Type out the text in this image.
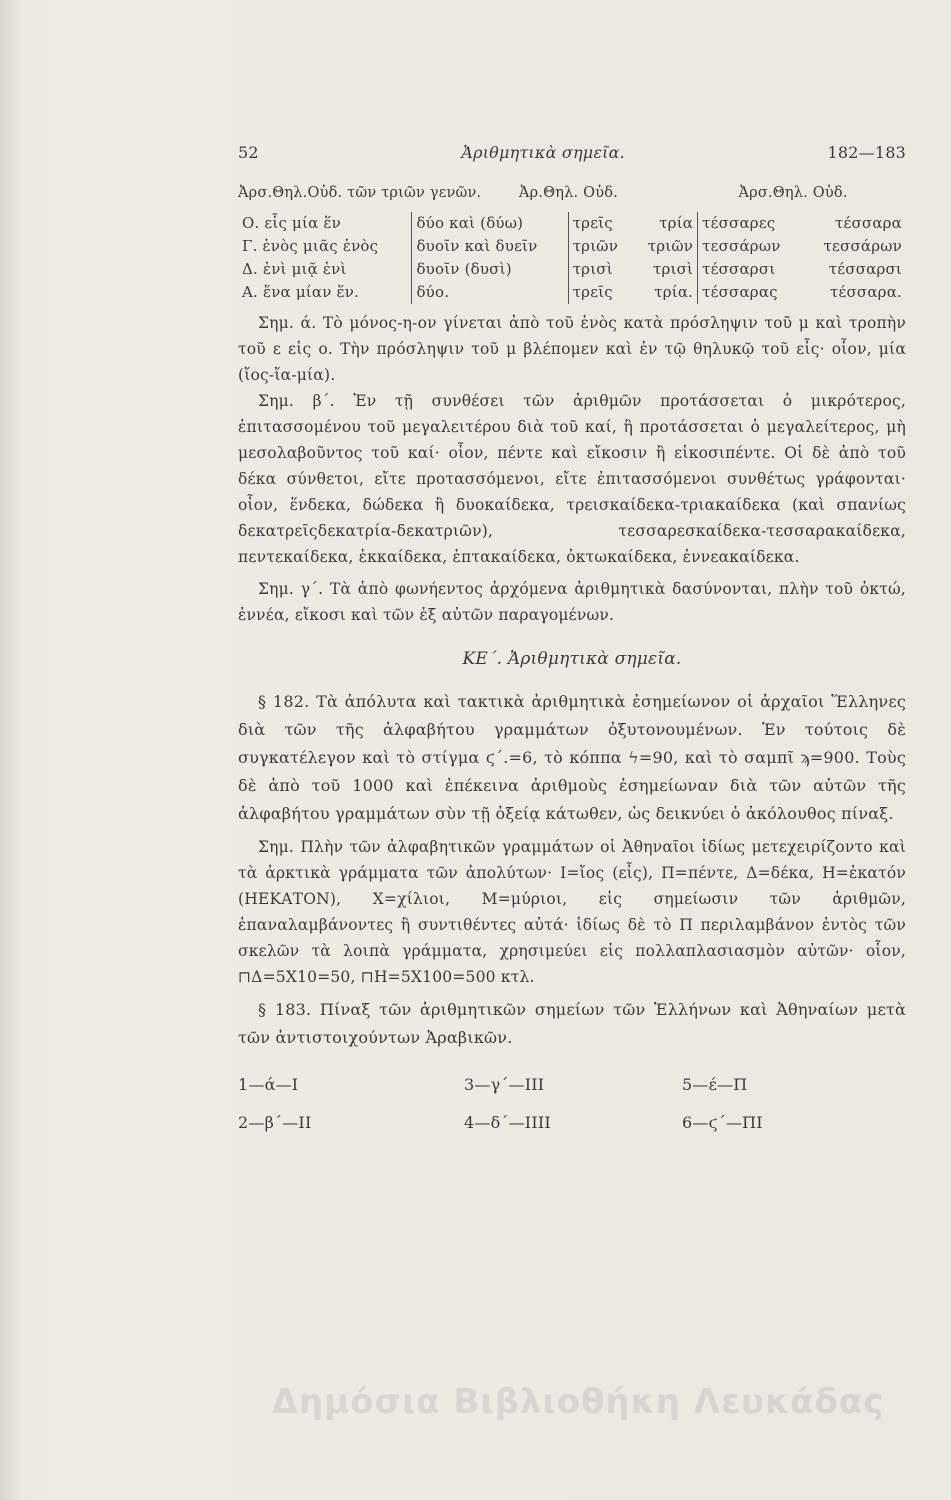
52	Ἀριθμητικὰ σημεῖα.	182—183
Ἀρσ.Θηλ.Οὐδ. τῶν τριῶν γενῶν.	Ἀρ.Θηλ. Οὐδ.	Ἀρσ.Θηλ. Οὐδ.
Ο. εἷς μία ἕν	δύο καὶ (δύω)	τρεῖς	τρία	τέσσαρες	τέσσαρα
Γ. ἑνὸς μιᾶς ἑνὸς	δυοῖν καὶ δυεῖν	τριῶν	τριῶν	τεσσάρων	τεσσάρων
Δ. ἑνὶ μιᾷ ἑνὶ	δυοῖν (δυσὶ)	τρισὶ	τρισὶ	τέσσαρσι	τέσσαρσι
Α. ἕνα μίαν ἕν.	δύο.	τρεῖς	τρία.	τέσσαρας	τέσσαρα.

Σημ. ά. Τὸ μόνος-η-ον γίνεται ἀπὸ τοῦ ἑνὸς κατὰ πρόσληψιν τοῦ μ καὶ τροπὴν τοῦ ε εἰς ο. Τὴν πρόσληψιν τοῦ μ βλέπομεν καὶ ἐν τῷ θηλυκῷ τοῦ εἷς· οἷον, μία (ἴος-ἴα-μία).

Σημ. β΄. Ἐν τῇ συνθέσει τῶν ἀριθμῶν προτάσσεται ὁ μικρότερος, ἐπιτασσομένου τοῦ μεγαλειτέρου διὰ τοῦ καί, ἢ προτάσσεται ὁ μεγαλείτερος, μὴ μεσολαβοῦντος τοῦ καί· οἷον, πέντε καὶ εἴκοσιν ἢ εἰκοσιπέντε. Οἱ δὲ ἀπὸ τοῦ δέκα σύνθετοι, εἴτε προτασσόμενοι, εἴτε ἐπιτασσόμενοι συνθέτως γράφονται· οἷον, ἕνδεκα, δώδεκα ἢ δυοκαίδεκα, τρεισκαίδεκα-τριακαίδεκα (καὶ σπανίως δεκατρεῖςδεκατρία-δεκατριῶν), τεσσαρεσκαίδεκα-τεσσαρακαίδεκα, πεντεκαίδεκα, ἑκκαίδεκα, ἑπτακαίδεκα, ὀκτωκαίδεκα, ἐννεακαίδεκα.

Σημ. γ΄. Τὰ ἀπὸ φωνήεντος ἀρχόμενα ἀριθμητικὰ δασύνονται, πλὴν τοῦ ὀκτώ, ἐννέα, εἴκοσι καὶ τῶν ἐξ αὐτῶν παραγομένων.

ΚΕ΄. Ἀριθμητικὰ σημεῖα.

§ 182. Τὰ ἀπόλυτα καὶ τακτικὰ ἀριθμητικὰ ἐσημείωνον οἱ ἀρχαῖοι Ἕλληνες διὰ τῶν τῆς ἀλφαβήτου γραμμάτων ὀξυτονουμένων. Ἐν τούτοις δὲ συγκατέλεγον καὶ τὸ στίγμα ϛ΄.=6, τὸ κόππα ϟ=90, καὶ τὸ σαμπῖ ϡ=900. Τοὺς δὲ ἀπὸ τοῦ 1000 καὶ ἐπέκεινα ἀριθμοὺς ἐσημείωναν διὰ τῶν αὐτῶν τῆς ἀλφαβήτου γραμμάτων σὺν τῇ ὀξείᾳ κάτωθεν, ὡς δεικνύει ὁ ἀκόλουθος πίναξ.

Σημ. Πλὴν τῶν ἀλφαβητικῶν γραμμάτων οἱ Ἀθηναῖοι ἰδίως μετεχειρίζοντο καὶ τὰ ἀρκτικὰ γράμματα τῶν ἀπολύτων· Ι=ἴος (εἷς), Π=πέντε, Δ=δέκα, Η=ἑκατόν (ΗΕΚΑΤΟΝ), Χ=χίλιοι, Μ=μύριοι, εἰς σημείωσιν τῶν ἀριθμῶν, ἐπαναλαμβάνοντες ἢ συντιθέντες αὐτά· ἰδίως δὲ τὸ Π περιλαμβάνον ἐντὸς τῶν σκελῶν τὰ λοιπὰ γράμματα, χρησιμεύει εἰς πολλαπλασιασμὸν αὐτῶν· οἷον, ⊓Δ=5Χ10=50, ⊓Η=5Χ100=500 κτλ.

§ 183. Πίναξ τῶν ἀριθμητικῶν σημείων τῶν Ἑλλήνων καὶ Ἀθηναίων μετὰ τῶν ἀντιστοιχούντων Ἀραβικῶν.

1—ά—Ι	3—γ΄—ΙΙΙ	5—έ—Π
2—β΄—ΙΙ	4—δ΄—ΙΙΙΙ	6—ϛ΄—ΠΙ
Δημόσια Βιβλιοθήκη Λευκάδας
